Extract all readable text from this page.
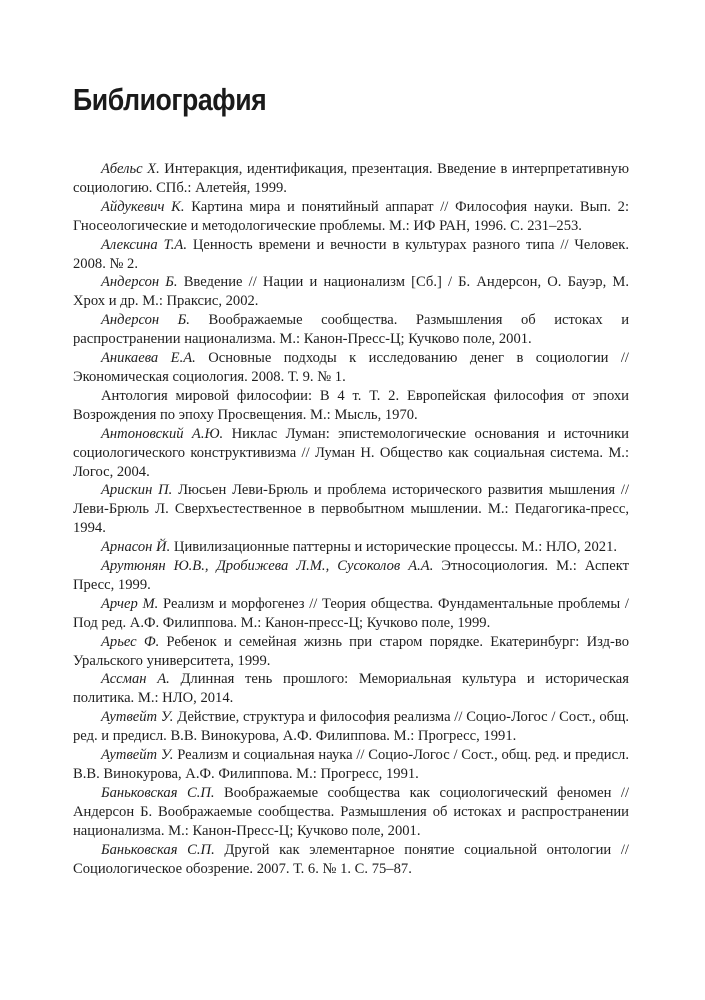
Библиография

Абельс Х. Интеракция, идентификация, презентация. Введение в интерпретативную социологию. СПб.: Алетейя, 1999.

Айдукевич К. Картина мира и понятийный аппарат // Философия науки. Вып. 2: Гносеологические и методологические проблемы. М.: ИФ РАН, 1996. С. 231–253.

Алексина Т.А. Ценность времени и вечности в культурах разного типа // Человек. 2008. № 2.

Андерсон Б. Введение // Нации и национализм [Сб.] / Б. Андерсон, О. Бауэр, М. Хрох и др. М.: Праксис, 2002.

Андерсон Б. Воображаемые сообщества. Размышления об истоках и распространении национализма. М.: Канон-Пресс-Ц; Кучково поле, 2001.

Аникаева Е.А. Основные подходы к исследованию денег в социологии // Экономическая социология. 2008. Т. 9. № 1.

Антология мировой философии: В 4 т. Т. 2. Европейская философия от эпохи Возрождения по эпоху Просвещения. М.: Мысль, 1970.

Антоновский А.Ю. Никлас Луман: эпистемологические основания и источники социологического конструктивизма // Луман Н. Общество как социальная система. М.: Логос, 2004.

Арискин П. Люсьен Леви-Брюль и проблема исторического развития мышления // Леви-Брюль Л. Сверхъестественное в первобытном мышлении. М.: Педагогика-пресс, 1994.

Арнасон Й. Цивилизационные паттерны и исторические процессы. М.: НЛО, 2021.

Арутюнян Ю.В., Дробижева Л.М., Сусоколов А.А. Этносоциология. М.: Аспект Пресс, 1999.

Арчер М. Реализм и морфогенез // Теория общества. Фундаментальные проблемы / Под ред. А.Ф. Филиппова. М.: Канон-пресс-Ц; Кучково поле, 1999.

Арьес Ф. Ребенок и семейная жизнь при старом порядке. Екатеринбург: Изд-во Уральского университета, 1999.

Ассман А. Длинная тень прошлого: Мемориальная культура и историческая политика. М.: НЛО, 2014.

Аутвейт У. Действие, структура и философия реализма // Социо-Логос / Сост., общ. ред. и предисл. В.В. Винокурова, А.Ф. Филиппова. М.: Прогресс, 1991.

Аутвейт У. Реализм и социальная наука // Социо-Логос / Сост., общ. ред. и предисл. В.В. Винокурова, А.Ф. Филиппова. М.: Прогресс, 1991.

Баньковская С.П. Воображаемые сообщества как социологический феномен // Андерсон Б. Воображаемые сообщества. Размышления об истоках и распространении национализма. М.: Канон-Пресс-Ц; Кучково поле, 2001.

Баньковская С.П. Другой как элементарное понятие социальной онтологии // Социологическое обозрение. 2007. Т. 6. № 1. С. 75–87.
